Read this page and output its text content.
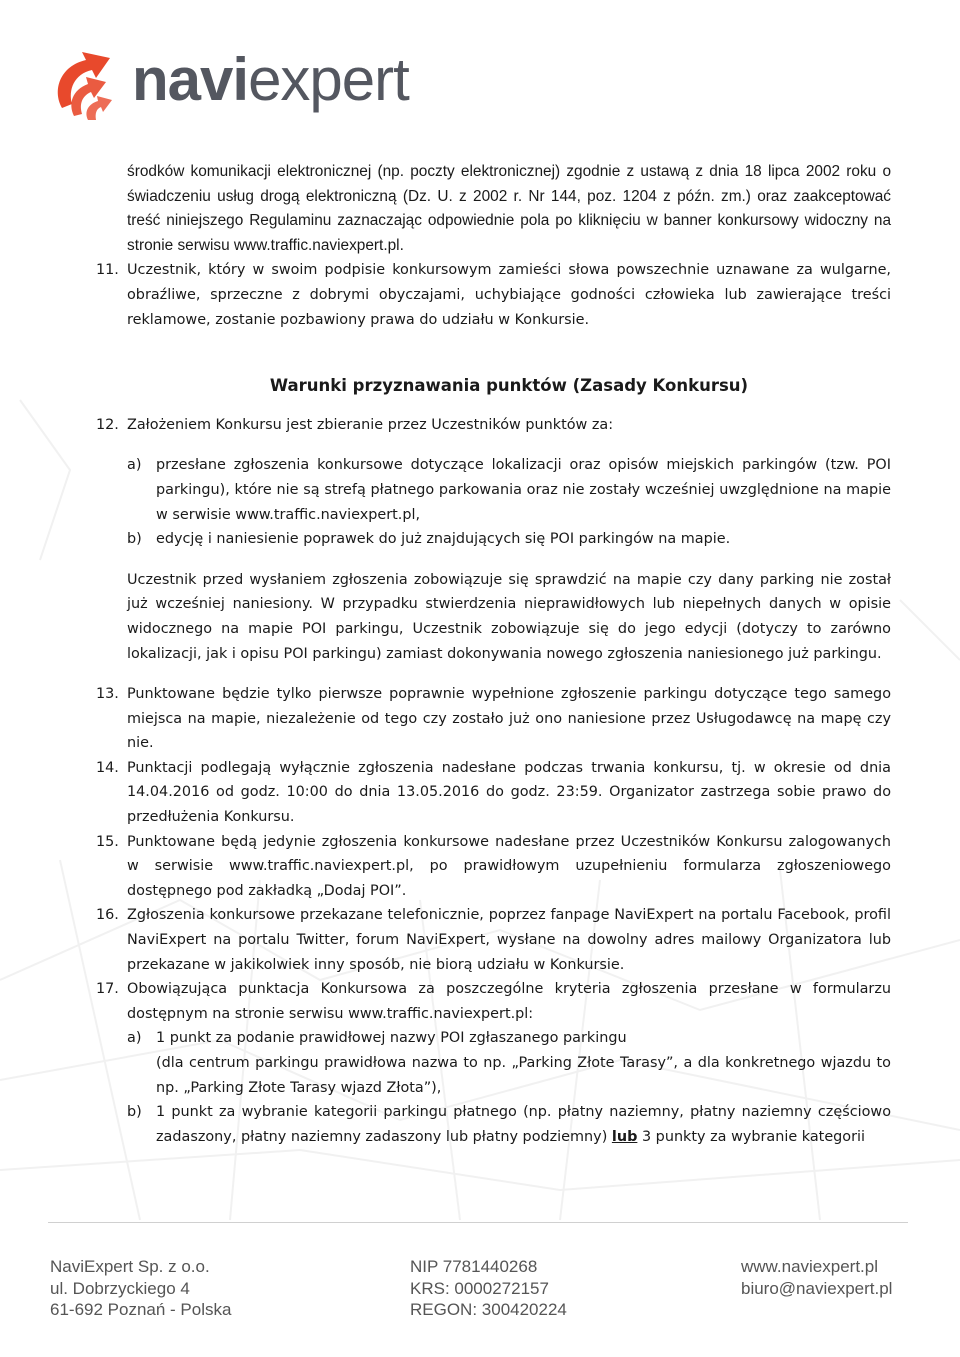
naviexpert

środków komunikacji elektronicznej (np. poczty elektronicznej) zgodnie z ustawą z dnia 18 lipca 2002 roku o świadczeniu usług drogą elektroniczną (Dz. U. z 2002 r. Nr 144, poz. 1204 z późn. zm.) oraz zaakceptować treść niniejszego Regulaminu zaznaczając odpowiednie pola po kliknięciu w banner konkursowy widoczny na stronie serwisu www.traffic.naviexpert.pl.

11. Uczestnik, który w swoim podpisie konkursowym zamieści słowa powszechnie uznawane za wulgarne, obraźliwe, sprzeczne z dobrymi obyczajami, uchybiające godności człowieka lub zawierające treści reklamowe, zostanie pozbawiony prawa do udziału w Konkursie.

Warunki przyznawania punktów (Zasady Konkursu)
12. Założeniem Konkursu jest zbieranie przez Uczestników punktów za:

a) przesłane zgłoszenia konkursowe dotyczące lokalizacji oraz opisów miejskich parkingów (tzw. POI parkingu), które nie są strefą płatnego parkowania oraz nie zostały wcześniej uwzględnione na mapie w serwisie www.traffic.naviexpert.pl,

b) edycję i naniesienie poprawek do już znajdujących się POI parkingów na mapie.

Uczestnik przed wysłaniem zgłoszenia zobowiązuje się sprawdzić na mapie czy dany parking nie został już wcześniej naniesiony. W przypadku stwierdzenia nieprawidłowych lub niepełnych danych w opisie widocznego na mapie POI parkingu, Uczestnik zobowiązuje się do jego edycji (dotyczy to zarówno lokalizacji, jak i opisu POI parkingu) zamiast dokonywania nowego zgłoszenia naniesionego już parkingu.

13. Punktowane będzie tylko pierwsze poprawnie wypełnione zgłoszenie parkingu dotyczące tego samego miejsca na mapie, niezależenie od tego czy zostało już ono naniesione przez Usługodawcę na mapę czy nie.

14. Punktacji podlegają wyłącznie zgłoszenia nadesłane podczas trwania konkursu, tj. w okresie od dnia 14.04.2016 od godz. 10:00 do dnia 13.05.2016 do godz. 23:59. Organizator zastrzega sobie prawo do przedłużenia Konkursu.

15. Punktowane będą jedynie zgłoszenia konkursowe nadesłane przez Uczestników Konkursu zalogowanych w serwisie www.traffic.naviexpert.pl, po prawidłowym uzupełnieniu formularza zgłoszeniowego dostępnego pod zakładką „Dodaj POI”.

16. Zgłoszenia konkursowe przekazane telefonicznie, poprzez fanpage NaviExpert na portalu Facebook, profil NaviExpert na portalu Twitter, forum NaviExpert, wysłane na dowolny adres mailowy Organizatora lub przekazane w jakikolwiek inny sposób, nie biorą udziału w Konkursie.

17. Obowiązująca punktacja Konkursowa za poszczególne kryteria zgłoszenia przesłane w formularzu dostępnym na stronie serwisu www.traffic.naviexpert.pl:

a) 1 punkt za podanie prawidłowej nazwy POI zgłaszanego parkingu

(dla centrum parkingu prawidłowa nazwa to np. „Parking Złote Tarasy”, a dla konkretnego wjazdu to np. „Parking Złote Tarasy wjazd Złota”),

b) 1 punkt za wybranie kategorii parkingu płatnego (np. płatny naziemny, płatny naziemny częściowo zadaszony, płatny naziemny zadaszony lub płatny podziemny) lub 3 punkty za wybranie kategorii

NaviExpert Sp. z o.o.
ul. Dobrzyckiego 4
61-692 Poznań - Polska
NIP 7781440268
KRS: 0000272157
REGON: 300420224
www.naviexpert.pl
biuro@naviexpert.pl
